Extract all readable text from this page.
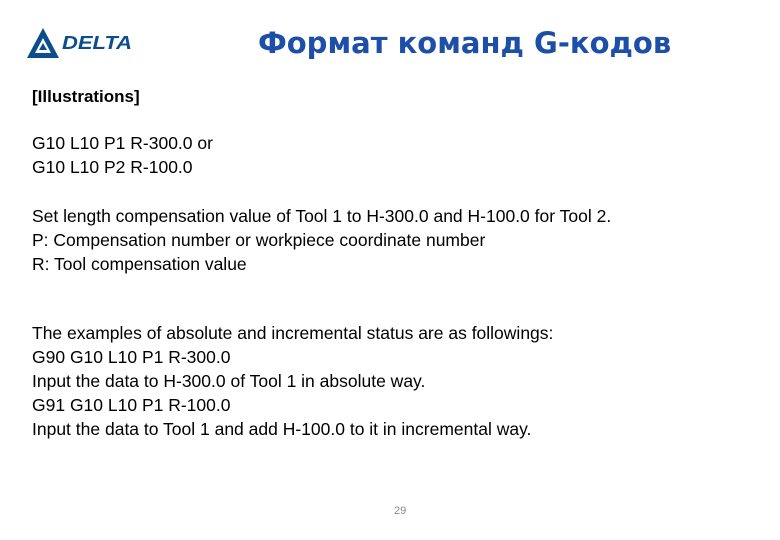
DELTA	Формат команд G-кодов
[Illustrations]

G10 L10 P1 R-300.0 or

G10 L10 P2 R-100.0

Set length compensation value of Tool 1 to H-300.0 and H-100.0 for Tool 2.

P: Compensation number or workpiece coordinate number

R: Tool compensation value

The examples of absolute and incremental status are as followings:

G90 G10 L10 P1 R-300.0

Input the data to H-300.0 of Tool 1 in absolute way.

G91 G10 L10 P1 R-100.0

Input the data to Tool 1 and add H-100.0 to it in incremental way.

29
